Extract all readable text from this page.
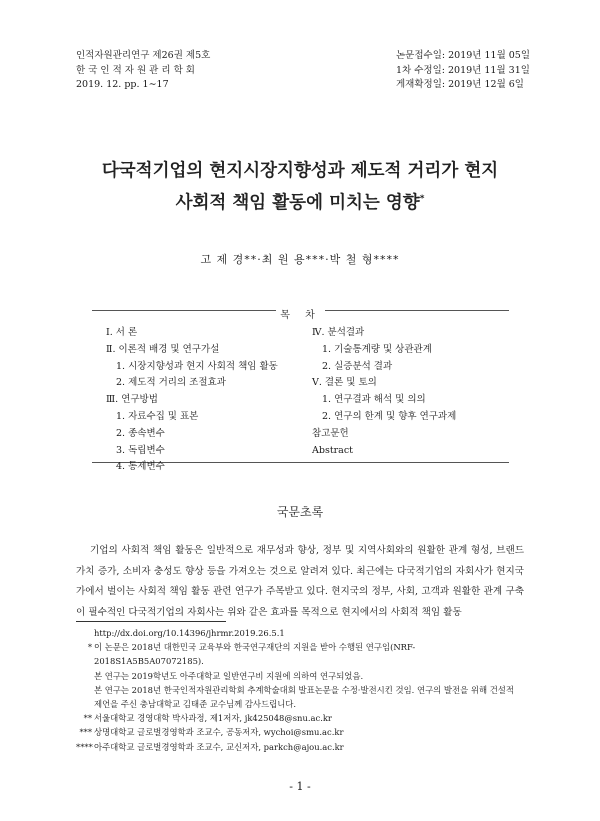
인적자원관리연구 제26권 제5호
한 국 인 적 자 원 관 리 학 회
2019. 12. pp. 1∼17
논문접수일: 2019년 11월 05일
1차 수정일: 2019년 11월 31일
게재확정일: 2019년 12월 6일
다국적기업의 현지시장지향성과 제도적 거리가 현지
사회적 책임 활동에 미치는 영향*
고 제 경**·최 원 용***·박 철 형****
목 차
Ⅰ. 서 론
Ⅱ. 이론적 배경 및 연구가설
1. 시장지향성과 현지 사회적 책임 활동
2. 제도적 거리의 조절효과
Ⅲ. 연구방법
1. 자료수집 및 표본
2. 종속변수
3. 독립변수
4. 통제변수
Ⅳ. 분석결과
1. 기술통계량 및 상관관계
2. 실증분석 결과
Ⅴ. 결론 및 토의
1. 연구결과 해석 및 의의
2. 연구의 한계 및 향후 연구과제
참고문헌
Abstract
국문초록
기업의 사회적 책임 활동은 일반적으로 재무성과 향상, 정부 및 지역사회와의 원활한 관계 형성, 브랜드 가치 증가, 소비자 충성도 향상 등을 가져오는 것으로 알려져 있다. 최근에는 다국적기업의 자회사가 현지국가에서 벌이는 사회적 책임 활동 관련 연구가 주목받고 있다. 현지국의 정부, 사회, 고객과 원활한 관계 구축이 필수적인 다국적기업의 자회사는 위와 같은 효과를 목적으로 현지에서의 사회적 책임 활동
http://dx.doi.org/10.14396/jhrmr.2019.26.5.1
* 이 논문은 2018년 대한민국 교육부와 한국연구재단의 지원을 받아 수행된 연구임(NRF-2018S1A5B5A07072185).
본 연구는 2019학년도 아주대학교 일반연구비 지원에 의하여 연구되었음.
본 연구는 2018년 한국인적자원관리학회 추계학술대회 발표논문을 수정·발전시킨 것임. 연구의 발전을 위해 건설적 제언을 주신 충남대학교 김태준 교수님께 감사드립니다.
** 서울대학교 경영대학 박사과정, 제1저자, jk425048@snu.ac.kr
*** 상명대학교 글로벌경영학과 조교수, 공동저자, wychoi@smu.ac.kr
**** 아주대학교 글로벌경영학과 조교수, 교신저자, parkch@ajou.ac.kr
- 1 -
